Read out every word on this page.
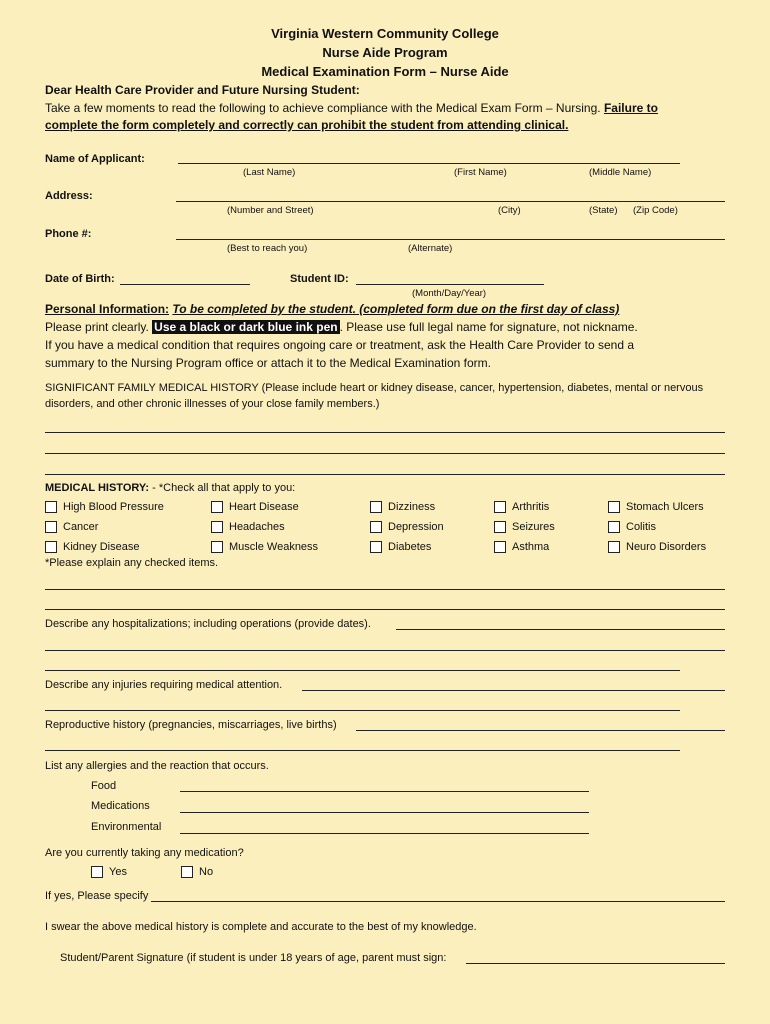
Virginia Western Community College
Nurse Aide Program
Medical Examination Form – Nurse Aide
Dear Health Care Provider and Future Nursing Student:
Take a few moments to read the following to achieve compliance with the Medical Exam Form – Nursing. Failure to
complete the form completely and correctly can prohibit the student from attending clinical.
Name of Applicant:
(Last Name)	(First Name)	(Middle Name)
Address:
(Number and Street)	(City)	(State) (Zip Code)
Phone #:
(Best to reach you)	(Alternate)
Date of Birth:	Student ID:
(Month/Day/Year)
Personal Information: To be completed by the student. (completed form due on the first day of class)
Please print clearly. Use a black or dark blue ink pen . Please use full legal name for signature, not nickname.
If you have a medical condition that requires ongoing care or treatment, ask the Health Care Provider to send a
summary to the Nursing Program office or attach it to the Medical Examination form.
SIGNIFICANT FAMILY MEDICAL HISTORY (Please include heart or kidney disease, cancer, hypertension, diabetes, mental or nervous
disorders, and other chronic illnesses of your close family members.)
MEDICAL HISTORY: - *Check all that apply to you:
High Blood Pressure	Heart Disease	Dizziness	Arthritis	Stomach Ulcers
Cancer	Headaches	Depression	Seizures	Colitis
Kidney Disease	Muscle Weakness	Diabetes	Asthma	Neuro Disorders
*Please explain any checked items.
Describe any hospitalizations; including operations (provide dates).
Describe any injuries requiring medical attention.
Reproductive history (pregnancies, miscarriages, live births)
List any allergies and the reaction that occurs.
Food
Medications
Environmental
Are you currently taking any medication?
Yes	No
If yes, Please specify
I swear the above medical history is complete and accurate to the best of my knowledge.
Student/Parent Signature (if student is under 18 years of age, parent must sign:
